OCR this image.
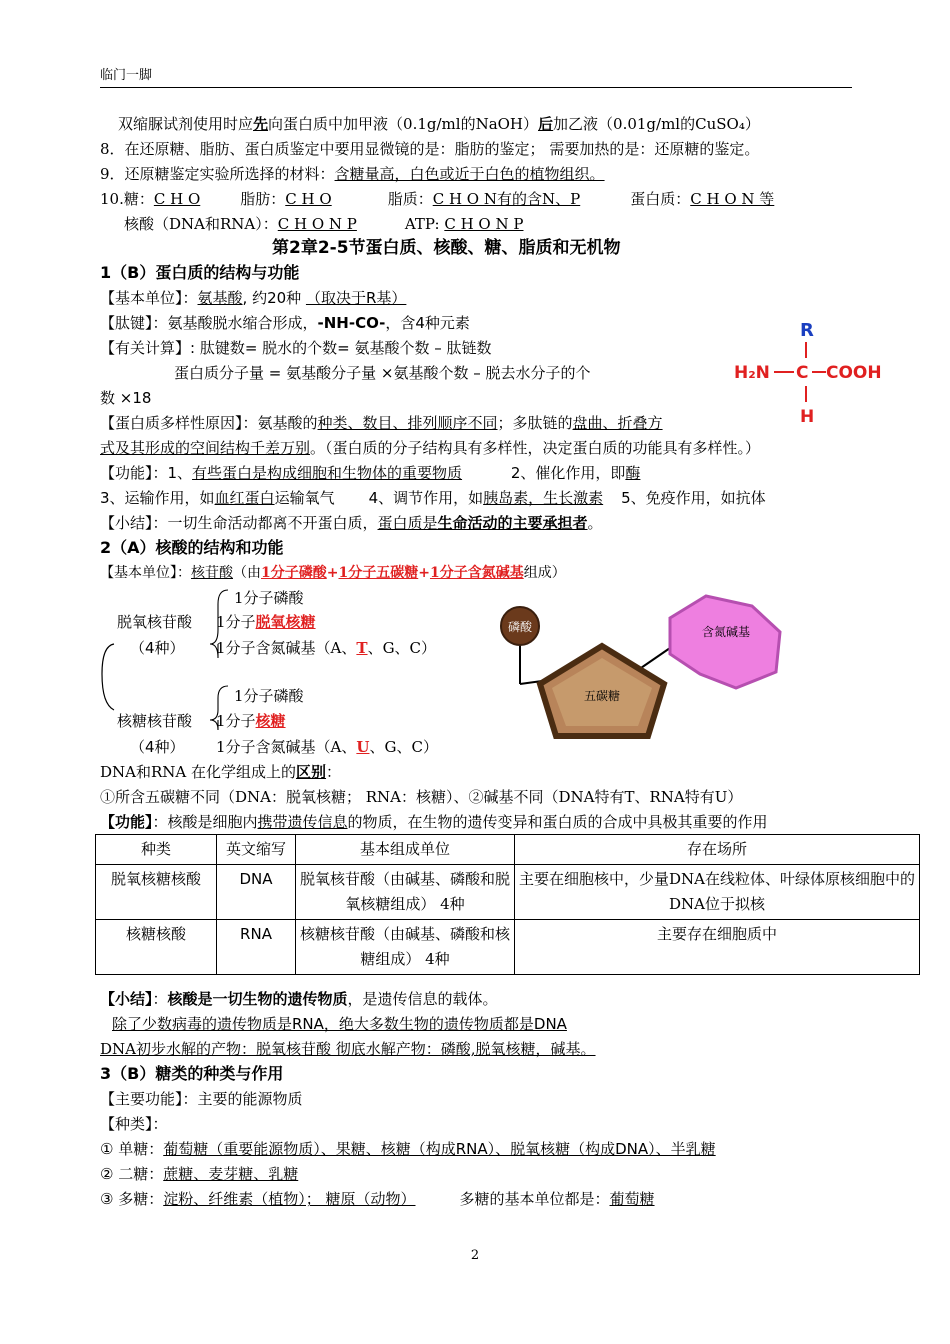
临门一脚
双缩脲试剂使用时应先向蛋白质中加甲液（0.1g/ml的NaOH）后加乙液（0.01g/ml的CuSO₄）
8．在还原糖、脂肪、蛋白质鉴定中要用显微镜的是：脂肪的鉴定； 需要加热的是：还原糖的鉴定。
9．还原糖鉴定实验所选择的材料：含糖量高，白色或近于白色的植物组织。
10.糖：C H O	脂肪：C H O	脂质：C H O N有的含N、P	蛋白质：C H O N 等
核酸（DNA和RNA）：C H O N P	ATP: C H O N P
第2章2-5节蛋白质、核酸、糖、脂质和无机物
1（B）蛋白质的结构与功能
【基本单位】：氨基酸, 约20种 （取决于R基）
【肽键】：氨基酸脱水缩合形成，-NH-CO-，含4种元素
【有关计算】: 肽键数= 脱水的个数= 氨基酸个数 – 肽链数
蛋白质分子量 = 氨基酸分子量 ×氨基酸个数 – 脱去水分子的个
数 ×18
R
H₂N C COOH
H
【蛋白质多样性原因】：氨基酸的种类、数目、排列顺序不同；多肽链的盘曲、折叠方
式及其形成的空间结构千差万别。（蛋白质的分子结构具有多样性，决定蛋白质的功能具有多样性。）
【功能】：1、有些蛋白是构成细胞和生物体的重要物质	2、催化作用，即酶
3、运输作用，如血红蛋白运输氧气 4、调节作用，如胰岛素，生长激素 5、免疫作用，如抗体
【小结】：一切生命活动都离不开蛋白质，蛋白质是生命活动的主要承担者。
2（A）核酸的结构和功能
【基本单位】：核苷酸（由1分子磷酸+1分子五碳糖+1分子含氮碱基组成）
脱氧核苷酸
（4种）
1分子磷酸
1分子脱氧核糖
1分子含氮碱基（A、T、G、C）
1分子磷酸
核糖核苷酸 1分子核糖
（4种） 1分子含氮碱基（A、U、G、C）
磷酸
五碳糖
含氮碱基
DNA和RNA 在化学组成上的区别：
①所含五碳糖不同（DNA：脱氧核糖； RNA：核糖）、②碱基不同（DNA特有T、RNA特有U）
【功能】：核酸是细胞内携带遗传信息的物质，在生物的遗传变异和蛋白质的合成中具极其重要的作用
种类	英文缩写	基本组成单位	存在场所
脱氧核糖核酸	DNA	脱氧核苷酸（由碱基、磷酸和脱氧核糖组成） 4种	主要在细胞核中，少量DNA在线粒体、叶绿体原核细胞中的DNA位于拟核
核糖核酸	RNA	核糖核苷酸（由碱基、磷酸和核糖组成） 4种	主要存在细胞质中
【小结】：核酸是一切生物的遗传物质，是遗传信息的载体。
除了少数病毒的遗传物质是RNA，绝大多数生物的遗传物质都是DNA
DNA初步水解的产物：脱氧核苷酸 彻底水解产物：磷酸,脱氧核糖，碱基。
3（B）糖类的种类与作用
【主要功能】：主要的能源物质
【种类】：
① 单糖：葡萄糖（重要能源物质）、果糖、核糖（构成RNA）、脱氧核糖（构成DNA）、半乳糖
② 二糖：蔗糖、麦芽糖、乳糖
③ 多糖：淀粉、纤维素（植物）； 糖原（动物）	多糖的基本单位都是：葡萄糖
2
